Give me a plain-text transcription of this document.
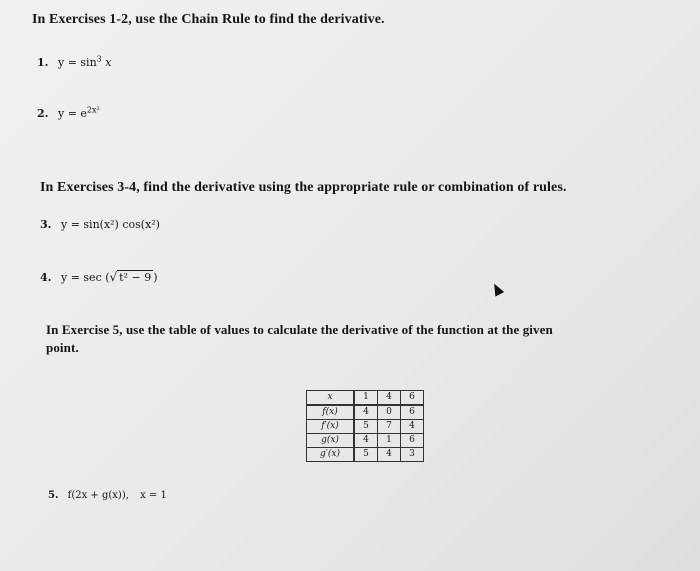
In Exercises 1-2, use the Chain Rule to find the derivative.
1. $y = \sin^3 x$
2. $y = e^{2x^2}$
In Exercises 3-4, find the derivative using the appropriate rule or combination of rules.
3. y = sin(x²) cos(x²)
4. y = sec (√ t² − 9 )
In Exercise 5, use the table of values to calculate the derivative of the function at the given
point.
x	1	4	6
f(x)	4	0	6
f′(x)	5	7	4
g(x)	4	1	6
g′(x)	5	4	3
5. f(2x + g(x)), x = 1
